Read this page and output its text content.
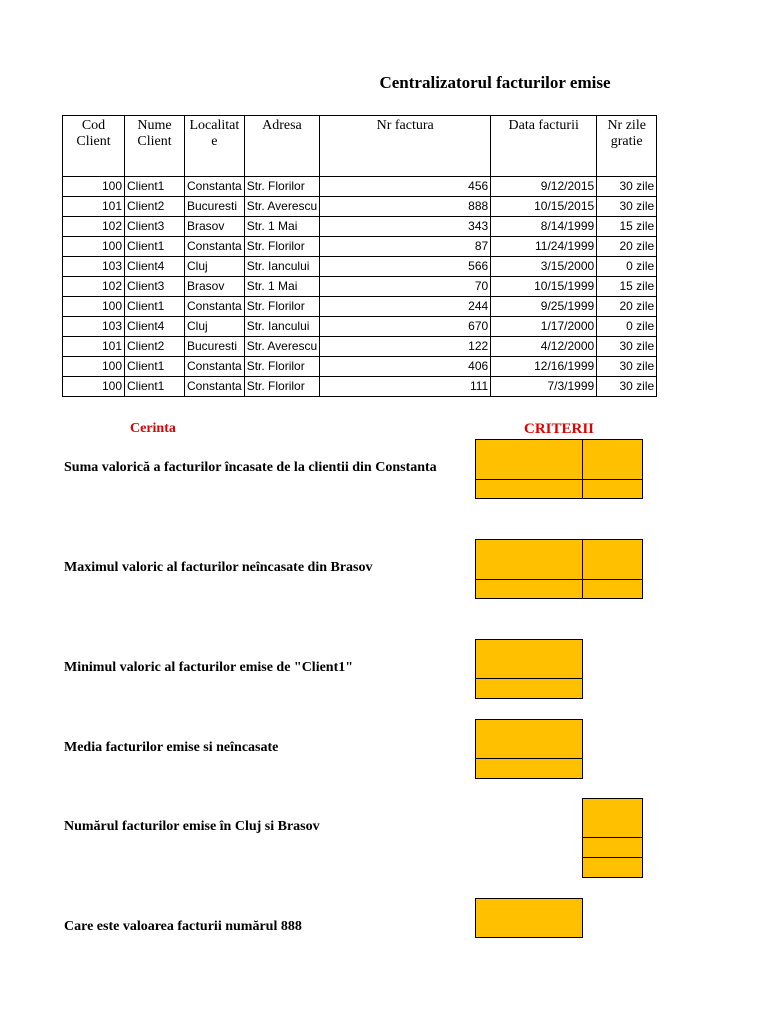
Centralizatorul facturilor emise
Cod Client	Nume Client	Localitat e	Adresa	Nr factura	Data facturii	Nr zile gratie
100	Client1	Constanta	Str. Florilor	456	9/12/2015	30 zile
101	Client2	Bucuresti	Str. Averescu	888	10/15/2015	30 zile
102	Client3	Brasov	Str. 1 Mai	343	8/14/1999	15 zile
100	Client1	Constanta	Str. Florilor	87	11/24/1999	20 zile
103	Client4	Cluj	Str. Iancului	566	3/15/2000	0 zile
102	Client3	Brasov	Str. 1 Mai	70	10/15/1999	15 zile
100	Client1	Constanta	Str. Florilor	244	9/25/1999	20 zile
103	Client4	Cluj	Str. Iancului	670	1/17/2000	0 zile
101	Client2	Bucuresti	Str. Averescu	122	4/12/2000	30 zile
100	Client1	Constanta	Str. Florilor	406	12/16/1999	30 zile
100	Client1	Constanta	Str. Florilor	111	7/3/1999	30 zile
Cerinta	CRITERII
Suma valorică a facturilor încasate de la clientii din Constanta
Maximul valoric al facturilor neîncasate din Brasov
Minimul valoric al facturilor emise de "Client1"
Media facturilor emise si neîncasate
Numărul facturilor emise în Cluj si Brasov
Care este valoarea facturii numărul 888
